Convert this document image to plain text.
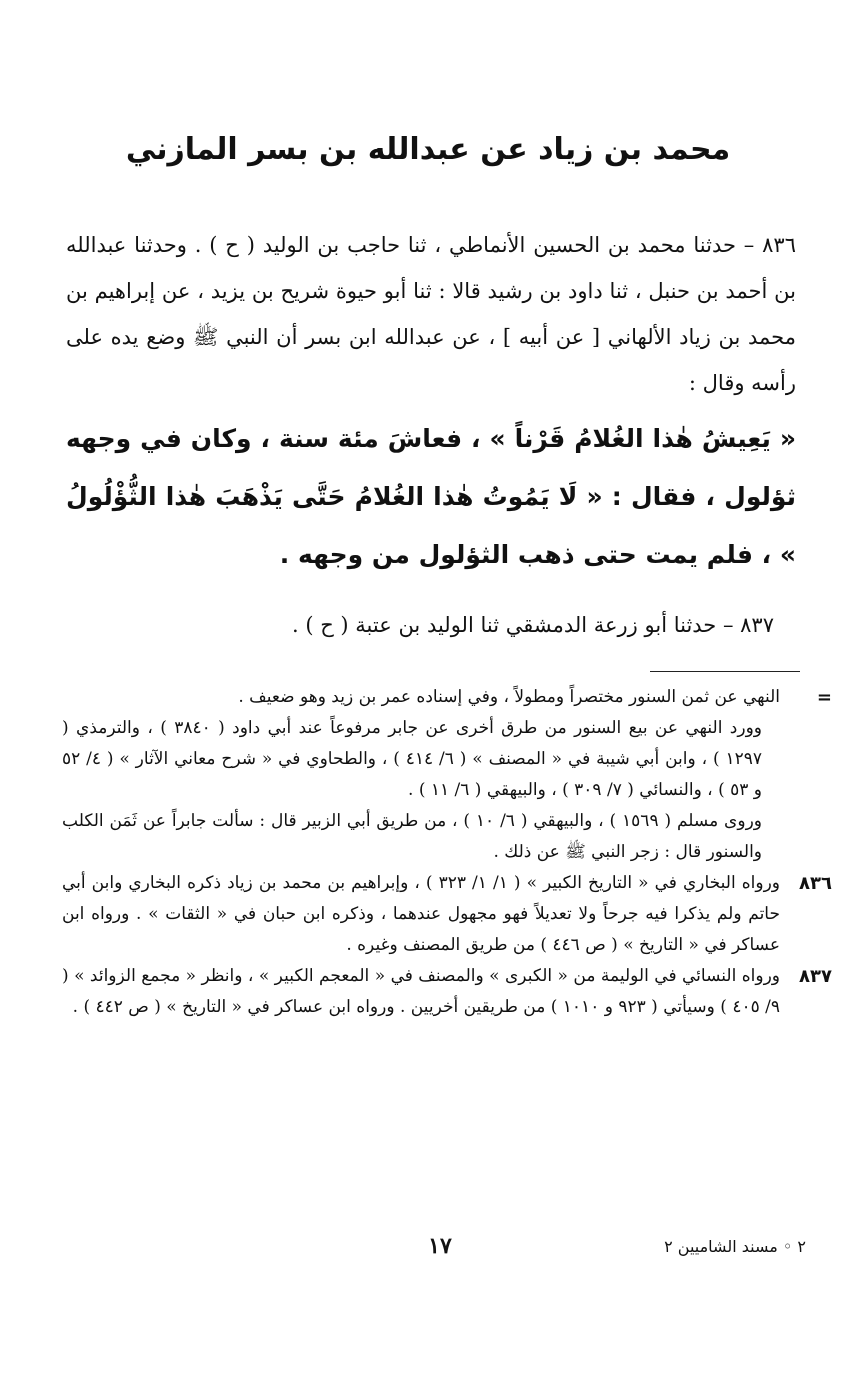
محمد بن زياد عن عبدالله بن بسر المازني

٨٣٦ – حدثنا محمد بن الحسين الأنماطي ، ثنا حاجب بن الوليد ( ح ) . وحدثنا عبدالله بن أحمد بن حنبل ، ثنا داود بن رشيد قالا : ثنا أبو حيوة شريح بن يزيد ، عن إبراهيم بن محمد بن زياد الألهاني [ عن أبيه ] ، عن عبدالله ابن بسر أن النبي ﷺ وضع يده على رأسه وقال :

« يَعِيشُ هٰذا الغُلامُ قَرْناً » ، فعاشَ مئة سنة ، وكان في وجهه ثؤلول ، فقال : « لَا يَمُوتُ هٰذا الغُلامُ حَتَّى يَذْهَبَ هٰذا الثُّؤْلُولُ » ، فلم يمت حتى ذهب الثؤلول من وجهه .

٨٣٧ – حدثنا أبو زرعة الدمشقي ثنا الوليد بن عتبة ( ح ) .

=

النهي عن ثمن السنور مختصراً ومطولاً ، وفي إسناده عمر بن زيد وهو ضعيف .

وورد النهي عن بيع السنور من طرق أخرى عن جابر مرفوعاً عند أبي داود ( ٣٨٤٠ ) ، والترمذي ( ١٢٩٧ ) ، وابن أبي شيبة في « المصنف » ( ٦/ ٤١٤ ) ، والطحاوي في « شرح معاني الآثار » ( ٤/ ٥٢ و ٥٣ ) ، والنسائي ( ٧/ ٣٠٩ ) ، والبيهقي ( ٦/ ١١ ) .

وروى مسلم ( ١٥٦٩ ) ، والبيهقي ( ٦/ ١٠ ) ، من طريق أبي الزبير قال : سألت جابراً عن ثَمَن الكلب والسنور قال : زجر النبي ﷺ عن ذلك .

٨٣٦

ورواه البخاري في « التاريخ الكبير » ( ١/ ١/ ٣٢٣ ) ، وإبراهيم بن محمد بن زياد ذكره البخاري وابن أبي حاتم ولم يذكرا فيه جرحاً ولا تعديلاً فهو مجهول عندهما ، وذكره ابن حبان في « الثقات » . ورواه ابن عساكر في « التاريخ » ( ص ٤٤٦ ) من طريق المصنف وغيره .

٨٣٧

ورواه النسائي في الوليمة من « الكبرى » والمصنف في « المعجم الكبير » ، وانظر « مجمع الزوائد » ( ٩/ ٤٠٥ ) وسيأتي ( ٩٢٣ و ١٠١٠ ) من طريقين أخريين . ورواه ابن عساكر في « التاريخ » ( ص ٤٤٢ ) .

١٧	٢ ◦ مسند الشاميين ٢
